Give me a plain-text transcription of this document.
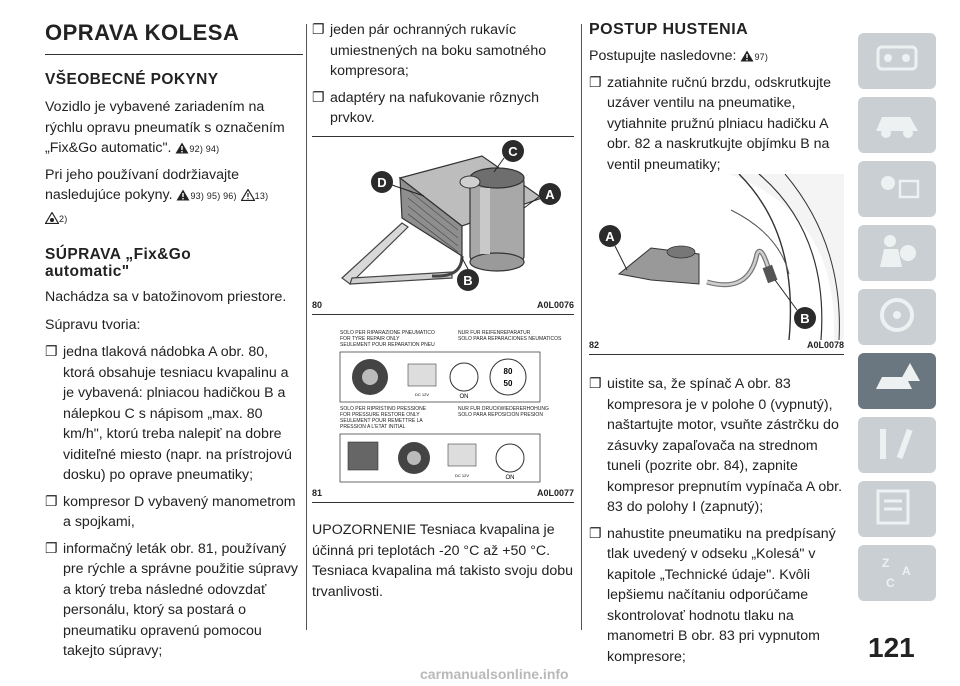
OPRAVA KOLESA
VŠEOBECNÉ POKYNY

Vozidlo je vybavené zariadením na rýchlu opravu pneumatík s označením „Fix&Go automatic". 92) 94)

Pri jeho používaní dodržiavajte nasledujúce pokyny. 93) 95) 96) 13)
2)

SÚPRAVA „Fix&Go
automatic"

Nachádza sa v batožinovom priestore.

Súpravu tvoria:

❐ jedna tlaková nádobka A obr. 80, ktorá obsahuje tesniacu kvapalinu a je vybavená: plniacou hadičkou B a nálepkou C s nápisom „max. 80 km/h", ktorú treba nalepiť na dobre viditeľné miesto (napr. na prístrojovú dosku) po oprave pneumatiky;
❐ kompresor D vybavený manometrom a spojkami,
❐ informačný leták obr. 81, používaný pre rýchle a správne použitie súpravy a ktorý treba následné odovzdať personálu, ktorý sa postará o pneumatiku opravenú pomocou takejto súpravy;
❐ jeden pár ochranných rukavíc umiestnených na boku samotného kompresora;
❐ adaptéry na nafukovanie rôznych prvkov.
C
D
A
B
80	A0L0076
SOLO PER RIPARAZIONE PNEUMATICO
FOR TYRE REPAIR ONLY
SEULEMENT POUR REPARATION PNEU
NUR FUR REIFENREPARATUR
SOLO PARA REPARACIONES NEUMATICOS
SOLO PER RIPRISTINO PRESSIONE
FOR PRESSURE RESTORE ONLY
SEULEMENT POUR REMETTRE LA
PRESSION A L'ETAT INITIAL
NUR FUR DRUCKWIEDERERHOHUNG
SOLO PARA REPOSICION PRESION
80
50
ON
DC 12V
ON
DC 12V
81	A0L0077

UPOZORNENIE Tesniaca kvapalina je účinná pri teplotách -20 °C až +50 °C. Tesniaca kvapalina má takisto svoju dobu trvanlivosti.

POSTUP HUSTENIA

Postupujte nasledovne: 97)

❐ zatiahnite ručnú brzdu, odskrutkujte uzáver ventilu na pneumatike, vytiahnite pružnú plniacu hadičku A obr. 82 a naskrutkujte objímku B na ventil pneumatiky;
A
B
82	A0L0078
❐ uistite sa, že spínač A obr. 83 kompresora je v polohe 0 (vypnutý), naštartujte motor, vsuňte zástrčku do zásuvky zapaľovača na strednom tuneli (pozrite obr. 84), zapnite kompresor prepnutím vypínača A obr. 83 do polohy I (zapnutý);
❐ nahustite pneumatiku na predpísaný tlak uvedený v odseku „Kolesá" v kapitole „Technické údaje". Kvôli lepšiemu načítaniu odporúčame skontrolovať hodnotu tlaku na manometri B obr. 83 pri vypnutom kompresore;
Z
A
C
121
carmanualsonline.info
